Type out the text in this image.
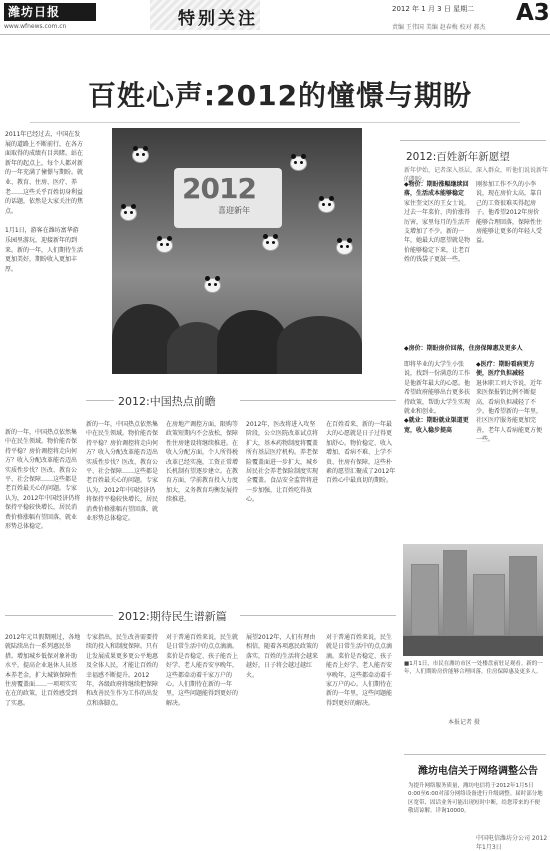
潍坊日报
www.wfnews.com.cn	特别关注	2012 年 1 月 3 日 星期二 A3
责编 王伟国 美编 赵春梅 校对 郝杰
百姓心声:2012的憧憬与期盼
2011年已经过去，中国在发展的道路上不断前行，在各方面取得的成绩有目共睹。站在新年的起点上，每个人都对新的一年充满了憧憬与期盼。就业、教育、住房、医疗、养老……这些关乎百姓切身利益的话题，依然是大家关注的焦点。
1月1日，游客在潍坊富华游乐园里游玩，迎接新年的到来。新的一年，人们期待生活更加美好，期盼收入更加丰厚。
2012
喜迎新年
2012:中国热点前瞻
新的一年，中国热点依然集中在民生领域。物价能否保持平稳？房价调控将走向何方？收入分配改革能否迈出实质性步伐？医改、教育公平、社会保障……这些都是老百姓最关心的问题。专家认为，2012年中国经济仍将保持平稳较快增长，居民消费价格涨幅有望回落，就业形势总体稳定。
在房地产调控方面，限购等政策短期内不会放松，保障性住房建设将继续推进。在收入分配方面，个人所得税改革已经实施，工资正常增长机制有望逐步建立。在教育方面，学前教育投入力度加大，义务教育均衡发展持续推进。
2012年，医改将进入攻坚阶段，公立医院改革试点将扩大，基本药物制度将覆盖所有基层医疗机构。养老保险覆盖面进一步扩大，城乡居民社会养老保险制度实现全覆盖。食品安全监管将进一步加强，让百姓吃得放心。
在百姓看来，新的一年最大的心愿就是日子过得更加舒心。物价稳定、收入增加、看病不难、上学不贵、住房有保障，这些朴素的愿望汇聚成了2012年百姓心中最真切的期盼。
新的一年，中国热点依然集中在民生领域。物价能否保持平稳？房价调控将走向何方？收入分配改革能否迈出实质性步伐？医改、教育公平、社会保障……这些都是老百姓最关心的问题。专家认为，2012年中国经济仍将保持平稳较快增长，居民消费价格涨幅有望回落，就业形势总体稳定。
2012:期待民生谱新篇
2012年元旦假期刚过，各地就陆续出台一系列惠民举措。增加城乡低保对象补助水平，提高企业退休人员基本养老金，扩大城镇保障性住房覆盖面……一项项实实在在的政策，让百姓感受到了实惠。
专家指出，民生改善需要持续的投入和制度保障。只有让发展成果更多更公平地惠及全体人民，才能让百姓的幸福感不断提升。2012年，各级政府将继续把保障和改善民生作为工作的出发点和落脚点。
对于普通百姓来说，民生就是日常生活中的点点滴滴。菜价是否稳定、孩子能否上好学、老人能否安享晚年，这些都牵动着千家万户的心。人们期待在新的一年里，这些问题能得到更好的解决。
展望2012年，人们有理由相信，随着各项惠民政策的落实，百姓的生活将会越来越好，日子将会越过越红火。
对于普通百姓来说，民生就是日常生活中的点点滴滴。菜价是否稳定、孩子能否上好学、老人能否安享晚年，这些都牵动着千家万户的心。人们期待在新的一年里，这些问题能得到更好的解决。
2012:百姓新年新愿望
新年伊始，记者深入基层，深入群众，听他们说说新年的期盼。
◆物价：期盼涨幅继续回落，生活成本能够稳定
家住奎文区的王女士说，过去一年菜价、肉价涨得厉害，家里每月的生活开支增加了不少。新的一年，她最大的愿望就是物价能够稳定下来，让老百姓的钱袋子更鼓一些。
刚参加工作不久的小李说，现在房价太高，靠自己的工资很难买得起房子。他希望2012年房价能够合理回落，保障性住房能够让更多的年轻人受益。
◆房价：期盼房价回落，住房保障惠及更多人
即将毕业的大学生小张说，找到一份满意的工作是他新年最大的心愿。他希望政府能够出台更多扶持政策，帮助大学生实现就业和创业。
◆就业：期盼就业渠道更宽，收入稳步提高
◆医疗：期盼看病更方便，医疗负担减轻
退休职工刘大爷说，近年来医保报销比例不断提高，看病负担减轻了不少。他希望新的一年里，社区医疗服务能更加完善，老年人看病能更方便一些。
■1月1日，市民在潍坊市区一处楼盘前驻足观看。新的一年，人们期盼房价能够合理回落，住房保障惠及更多人。
本报记者 摄
潍坊电信关于网络调整公告
为提升网络服务质量，潍坊电信将于2012年1月5日0:00至6:00对部分网络设备进行升级调整。届时部分地区宽带、固话业务可能出现短时中断，给您带来的不便敬请谅解。详询10000。
中国电信潍坊分公司 2012年1月3日
